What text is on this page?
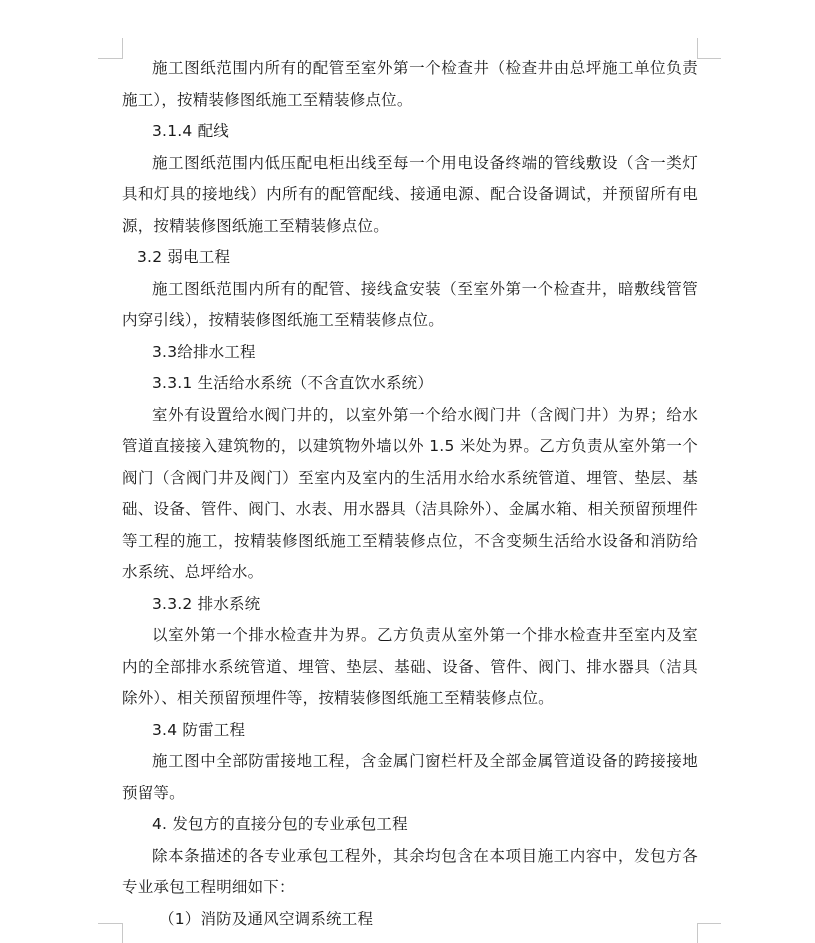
施工图纸范围内所有的配管至室外第一个检查井（检查井由总坪施工单位负责
施工），按精装修图纸施工至精装修点位。
3.1.4 配线
施工图纸范围内低压配电柜出线至每一个用电设备终端的管线敷设（含一类灯
具和灯具的接地线）内所有的配管配线、接通电源、配合设备调试，并预留所有电
源，按精装修图纸施工至精装修点位。
3.2 弱电工程
施工图纸范围内所有的配管、接线盒安装（至室外第一个检查井，暗敷线管管
内穿引线），按精装修图纸施工至精装修点位。
3.3给排水工程
3.3.1 生活给水系统（不含直饮水系统）
室外有设置给水阀门井的，以室外第一个给水阀门井（含阀门井）为界；给水
管道直接接入建筑物的，以建筑物外墙以外 1.5 米处为界。乙方负责从室外第一个
阀门（含阀门井及阀门）至室内及室内的生活用水给水系统管道、埋管、垫层、基
础、设备、管件、阀门、水表、用水器具（洁具除外）、金属水箱、相关预留预埋件
等工程的施工，按精装修图纸施工至精装修点位，不含变频生活给水设备和消防给
水系统、总坪给水。
3.3.2 排水系统
以室外第一个排水检查井为界。乙方负责从室外第一个排水检查井至室内及室
内的全部排水系统管道、埋管、垫层、基础、设备、管件、阀门、排水器具（洁具
除外）、相关预留预埋件等，按精装修图纸施工至精装修点位。
3.4 防雷工程
施工图中全部防雷接地工程，含金属门窗栏杆及全部金属管道设备的跨接接地
预留等。
4. 发包方的直接分包的专业承包工程
除本条描述的各专业承包工程外，其余均包含在本项目施工内容中，发包方各
专业承包工程明细如下：
（1）消防及通风空调系统工程
